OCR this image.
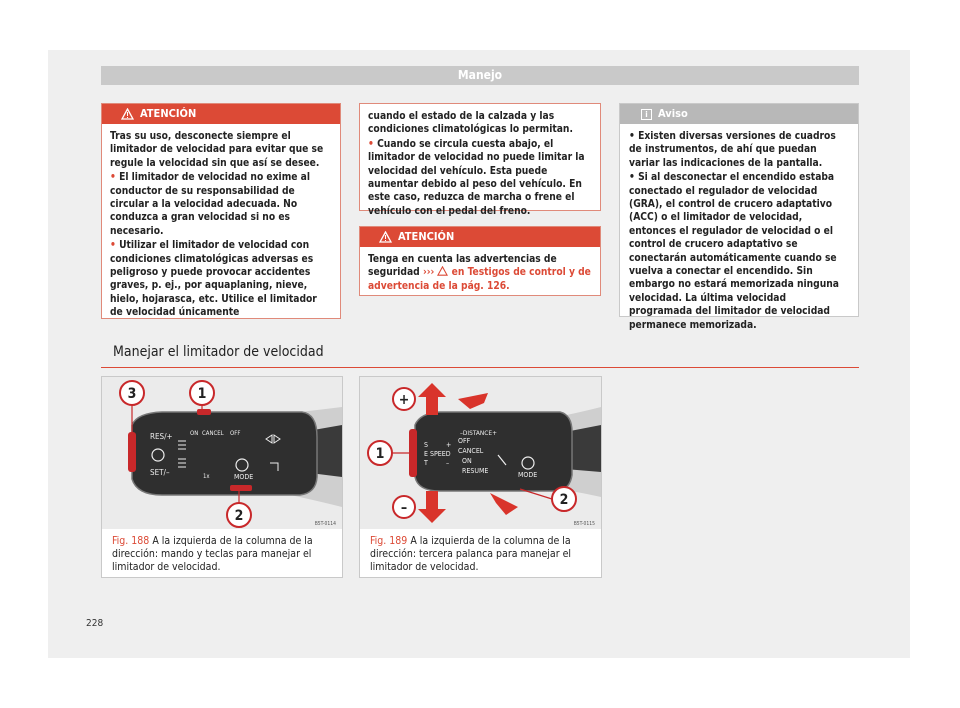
Manejo
ATENCIÓN

Tras su uso, desconecte siempre el limitador de velocidad para evitar que se regule la velocidad sin que así se desee.

• El limitador de velocidad no exime al conductor de su responsabilidad de circular a la velocidad adecuada. No conduzca a gran velocidad si no es necesario.

• Utilizar el limitador de velocidad con condiciones climatológicas adversas es peligroso y puede provocar accidentes graves, p. ej., por aquaplaning, nieve, hielo, hojarasca, etc. Utilice el limitador de velocidad únicamente

cuando el estado de la calzada y las condiciones climatológicas lo permitan.

• Cuando se circula cuesta abajo, el limitador de velocidad no puede limitar la velocidad del vehículo. Esta puede aumentar debido al peso del vehículo. En este caso, reduzca de marcha o frene el vehículo con el pedal del freno.

ATENCIÓN
Tenga en cuenta las advertencias de seguridad ››› en Testigos de control y de advertencia de la pág. 126.
i Aviso

• Existen diversas versiones de cuadros de instrumentos, de ahí que puedan variar las indicaciones de la pantalla.

• Si al desconectar el encendido estaba conectado el regulador de velocidad (GRA), el control de crucero adaptativo (ACC) o el limitador de velocidad, entonces el regulador de velocidad o el control de crucero adaptativo se conectarán automáticamente cuando se vuelva a conectar el encendido. Sin embargo no estará memorizada ninguna velocidad. La última velocidad programada del limitador de velocidad permanece memorizada.

Manejar el limitador de velocidad
RES/+	ON CANCEL OFF
SET/–	MODE
1x
3	1
2	B5T-0114
Fig. 188 A la izquierda de la columna de la dirección: mando y teclas para manejar el limitador de velocidad.
–DISTANCE+
S
E
T
+
–
SPEED
OFF
CANCEL
ON
RESUME	MODE
+
1
–	2
B5T-0115
Fig. 189 A la izquierda de la columna de la dirección: tercera palanca para manejar el limitador de velocidad.
228
